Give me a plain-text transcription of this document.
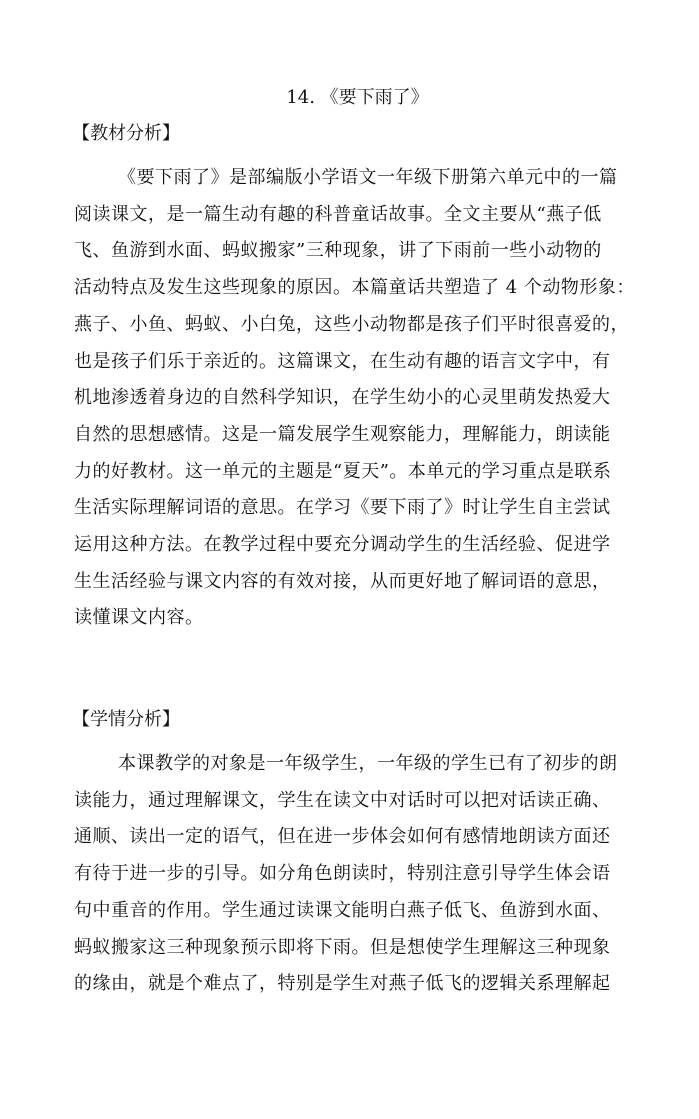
14. 《要下雨了》
【教材分析】
《要下雨了》是部编版小学语文一年级下册第六单元中的一篇
阅读课文，是一篇生动有趣的科普童话故事。全文主要从“燕子低
飞、鱼游到水面、蚂蚁搬家”三种现象，讲了下雨前一些小动物的
活动特点及发生这些现象的原因。本篇童话共塑造了 4 个动物形象：
燕子、小鱼、蚂蚁、小白兔，这些小动物都是孩子们平时很喜爱的，
也是孩子们乐于亲近的。这篇课文，在生动有趣的语言文字中，有
机地渗透着身边的自然科学知识，在学生幼小的心灵里萌发热爱大
自然的思想感情。这是一篇发展学生观察能力，理解能力，朗读能
力的好教材。这一单元的主题是“夏天”。本单元的学习重点是联系
生活实际理解词语的意思。在学习《要下雨了》时让学生自主尝试
运用这种方法。在教学过程中要充分调动学生的生活经验、促进学
生生活经验与课文内容的有效对接，从而更好地了解词语的意思，
读懂课文内容。
【学情分析】
本课教学的对象是一年级学生，一年级的学生已有了初步的朗
读能力，通过理解课文，学生在读文中对话时可以把对话读正确、
通顺、读出一定的语气，但在进一步体会如何有感情地朗读方面还
有待于进一步的引导。如分角色朗读时，特别注意引导学生体会语
句中重音的作用。学生通过读课文能明白燕子低飞、鱼游到水面、
蚂蚁搬家这三种现象预示即将下雨。但是想使学生理解这三种现象
的缘由，就是个难点了，特别是学生对燕子低飞的逻辑关系理解起
